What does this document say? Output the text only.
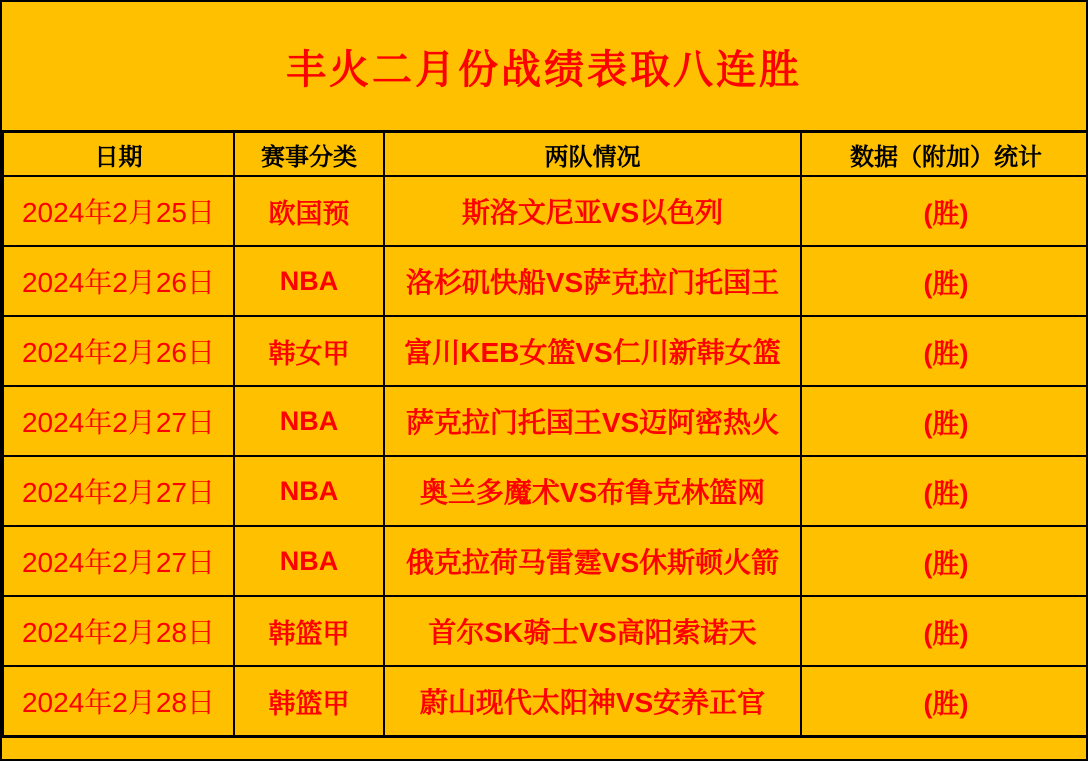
丰火二月份战绩表取八连胜
日期	赛事分类	两队情况	数据（附加）统计
2024年2月25日	欧国预	斯洛文尼亚VS以色列	(胜)
2024年2月26日	NBA	洛杉矶快船VS萨克拉门托国王	(胜)
2024年2月26日	韩女甲	富川KEB女篮VS仁川新韩女篮	(胜)
2024年2月27日	NBA	萨克拉门托国王VS迈阿密热火	(胜)
2024年2月27日	NBA	奥兰多魔术VS布鲁克林篮网	(胜)
2024年2月27日	NBA	俄克拉荷马雷霆VS休斯顿火箭	(胜)
2024年2月28日	韩篮甲	首尔SK骑士VS高阳索诺天	(胜)
2024年2月28日	韩篮甲	蔚山现代太阳神VS安养正官	(胜)
